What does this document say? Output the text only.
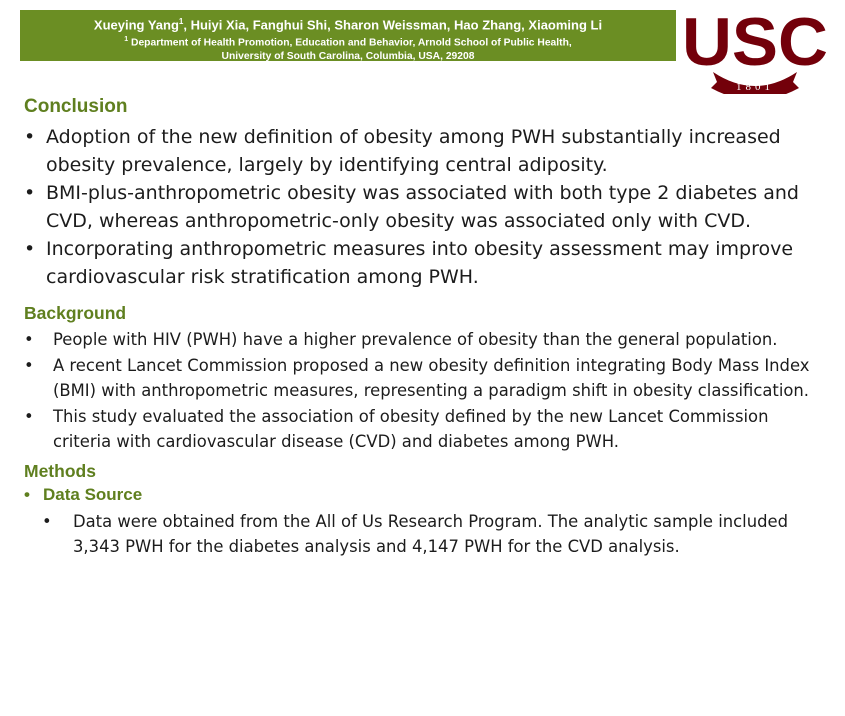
Xueying Yang$^1$, Huiyi Xia, Fanghui Shi, Sharon Weissman, Hao Zhang, Xiaoming Li
$^1$ Department of Health Promotion, Education and Behavior, Arnold School of Public Health,
University of South Carolina, Columbia, USA, 29208	USC
1801
Conclusion
• Adoption of the new definition of obesity among PWH substantially increased obesity prevalence, largely by identifying central adiposity.
• BMI-plus-anthropometric obesity was associated with both type 2 diabetes and CVD, whereas anthropometric-only obesity was associated only with CVD.
• Incorporating anthropometric measures into obesity assessment may improve cardiovascular risk stratification among PWH.
Background
• People with HIV (PWH) have a higher prevalence of obesity than the general population.
• A recent Lancet Commission proposed a new obesity definition integrating Body Mass Index (BMI) with anthropometric measures, representing a paradigm shift in obesity classification.
• This study evaluated the association of obesity defined by the new Lancet Commission criteria with cardiovascular disease (CVD) and diabetes among PWH.
Methods
• Data Source
• Data were obtained from the All of Us Research Program. The analytic sample included 3,343 PWH for the diabetes analysis and 4,147 PWH for the CVD analysis.
